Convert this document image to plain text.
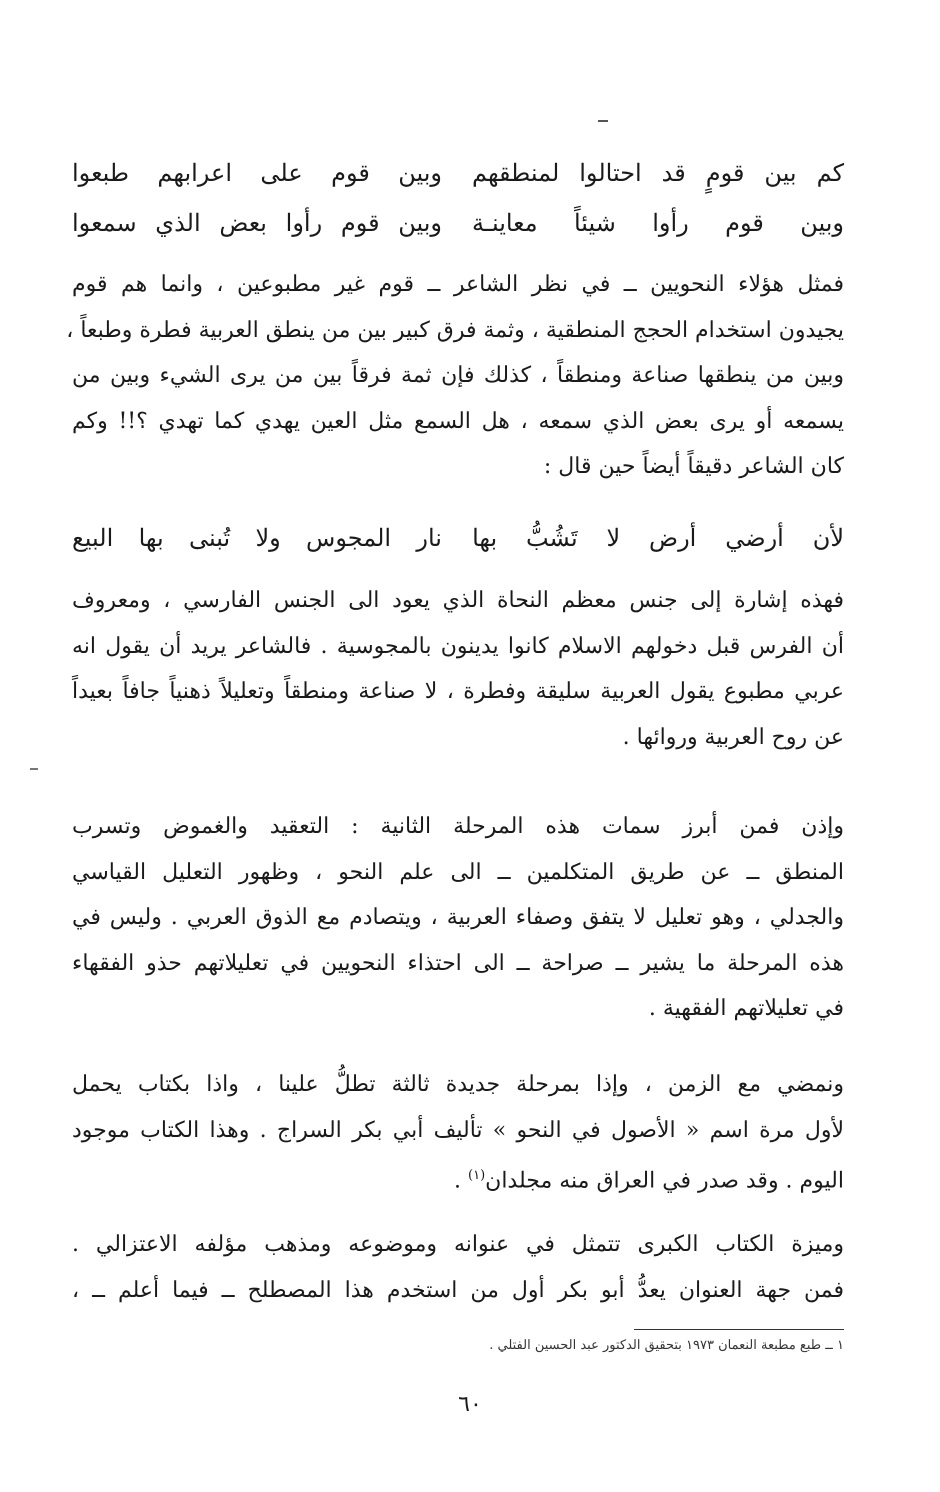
كم
بين
قومٍ
قد
احتالوا
لمنطقهم
وبين
قوم
على
اعرابهم
طبعوا
وبين
قوم
رأوا
شيئاً
معاينـة
وبين
قوم
رأوا
بعض
الذي
سمعوا
فمثل هؤلاء النحويين ــ في نظر الشاعر ــ قوم غير مطبوعين ، وانما هم قوم
يجيدون استخدام الحجج المنطقية ، وثمة فرق كبير بين من ينطق العربية فطرة وطبعاً ،
وبين من ينطقها صناعة ومنطقاً ، كذلك فإن ثمة فرقاً بين من يرى الشيء وبين من
يسمعه أو يرى بعض الذي سمعه ، هل السمع مثل العين يهدي كما تهدي ؟!! وكم
كان الشاعر دقيقاً أيضاً حين قال :
لأن
أرضي
أرض
لا
تَشُبُّ
بها
نار
المجوس
ولا
تُبنى
بها
البيع
فهذه إشارة إلى جنس معظم النحاة الذي يعود الى الجنس الفارسي ، ومعروف
أن الفرس قبل دخولهم الاسلام كانوا يدينون بالمجوسية . فالشاعر يريد أن يقول انه
عربي مطبوع يقول العربية سليقة وفطرة ، لا صناعة ومنطقاً وتعليلاً ذهنياً جافاً بعيداً
عن روح العربية وروائها .
وإذن فمن أبرز سمات هذه المرحلة الثانية : التعقيد والغموض وتسرب
المنطق ــ عن طريق المتكلمين ــ الى علم النحو ، وظهور التعليل القياسي
والجدلي ، وهو تعليل لا يتفق وصفاء العربية ، ويتصادم مع الذوق العربي . وليس في
هذه المرحلة ما يشير ــ صراحة ــ الى احتذاء النحويين في تعليلاتهم حذو الفقهاء
في تعليلاتهم الفقهية .
ونمضي مع الزمن ، وإذا بمرحلة جديدة ثالثة تطلُّ علينا ، واذا بكتاب يحمل
لأول مرة اسم « الأصول في النحو » تأليف أبي بكر السراج . وهذا الكتاب موجود
اليوم . وقد صدر في العراق منه مجلدان$^{(١)}$ .
وميزة الكتاب الكبرى تتمثل في عنوانه وموضوعه ومذهب مؤلفه الاعتزالي .
فمن جهة العنوان يعدُّ أبو بكر أول من استخدم هذا المصطلح ــ فيما أعلم ــ ،
١ ــ طبع مطبعة النعمان ١٩٧٣ بتحقيق الدكتور عبد الحسين الفتلي .
٦٠
